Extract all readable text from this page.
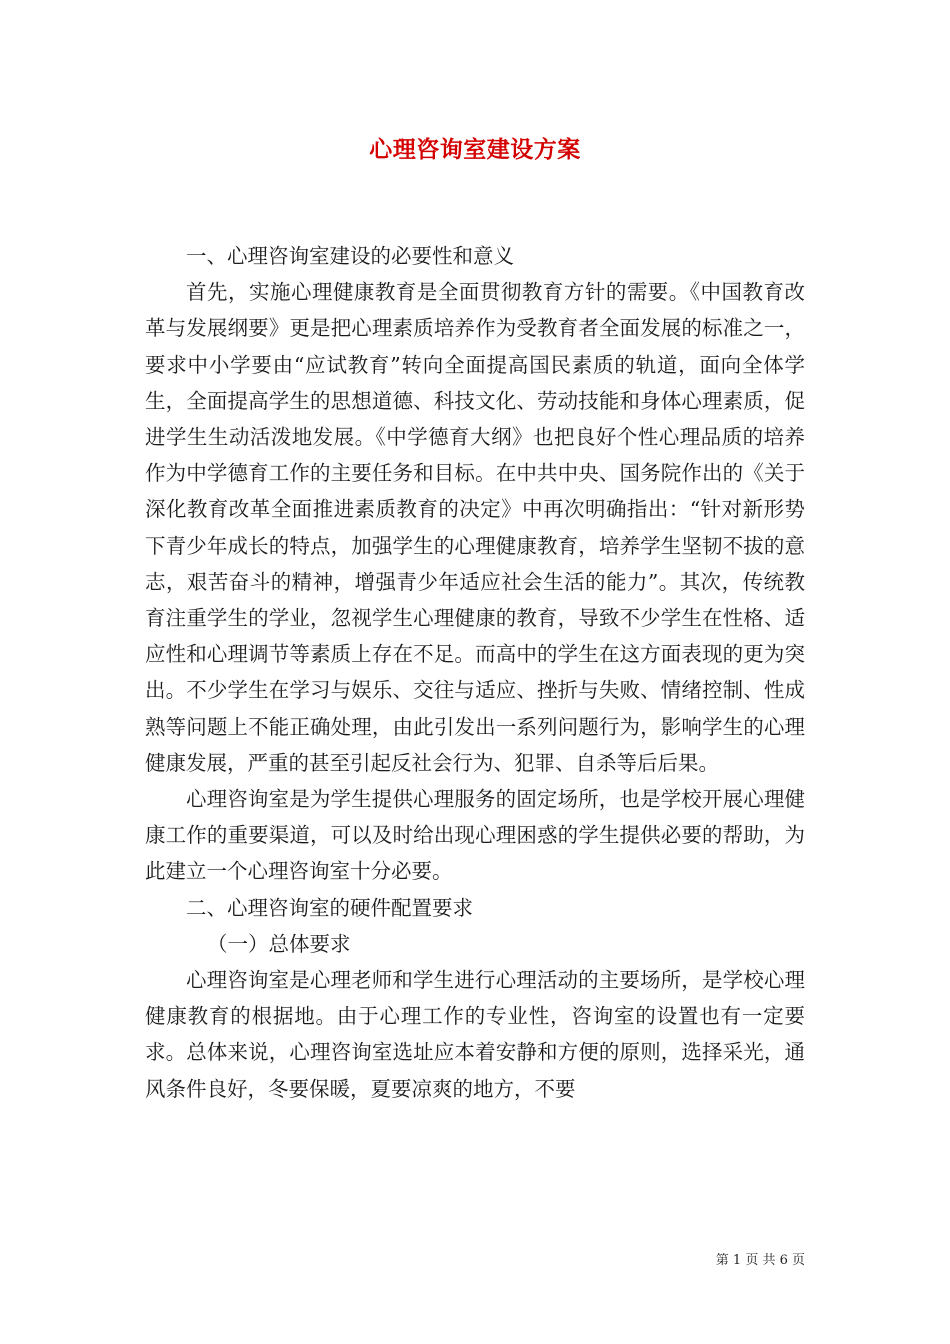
心理咨询室建设方案

一、心理咨询室建设的必要性和意义

首先，实施心理健康教育是全面贯彻教育方针的需要。《中国教育改革与发展纲要》更是把心理素质培养作为受教育者全面发展的标准之一，要求中小学要由“应试教育”转向全面提高国民素质的轨道，面向全体学生，全面提高学生的思想道德、科技文化、劳动技能和身体心理素质，促进学生生动活泼地发展。《中学德育大纲》也把良好个性心理品质的培养作为中学德育工作的主要任务和目标。在中共中央、国务院作出的《关于深化教育改革全面推进素质教育的决定》中再次明确指出：“针对新形势下青少年成长的特点，加强学生的心理健康教育，培养学生坚韧不拔的意志，艰苦奋斗的精神，增强青少年适应社会生活的能力”。其次，传统教育注重学生的学业，忽视学生心理健康的教育，导致不少学生在性格、适应性和心理调节等素质上存在不足。而高中的学生在这方面表现的更为突出。不少学生在学习与娱乐、交往与适应、挫折与失败、情绪控制、性成熟等问题上不能正确处理，由此引发出一系列问题行为，影响学生的心理健康发展，严重的甚至引起反社会行为、犯罪、自杀等后后果。

心理咨询室是为学生提供心理服务的固定场所，也是学校开展心理健康工作的重要渠道，可以及时给出现心理困惑的学生提供必要的帮助，为此建立一个心理咨询室十分必要。

二、心理咨询室的硬件配置要求

（一）总体要求

心理咨询室是心理老师和学生进行心理活动的主要场所，是学校心理健康教育的根据地。由于心理工作的专业性，咨询室的设置也有一定要求。总体来说，心理咨询室选址应本着安静和方便的原则，选择采光，通风条件良好，冬要保暖，夏要凉爽的地方，不要

第 1 页 共 6 页
